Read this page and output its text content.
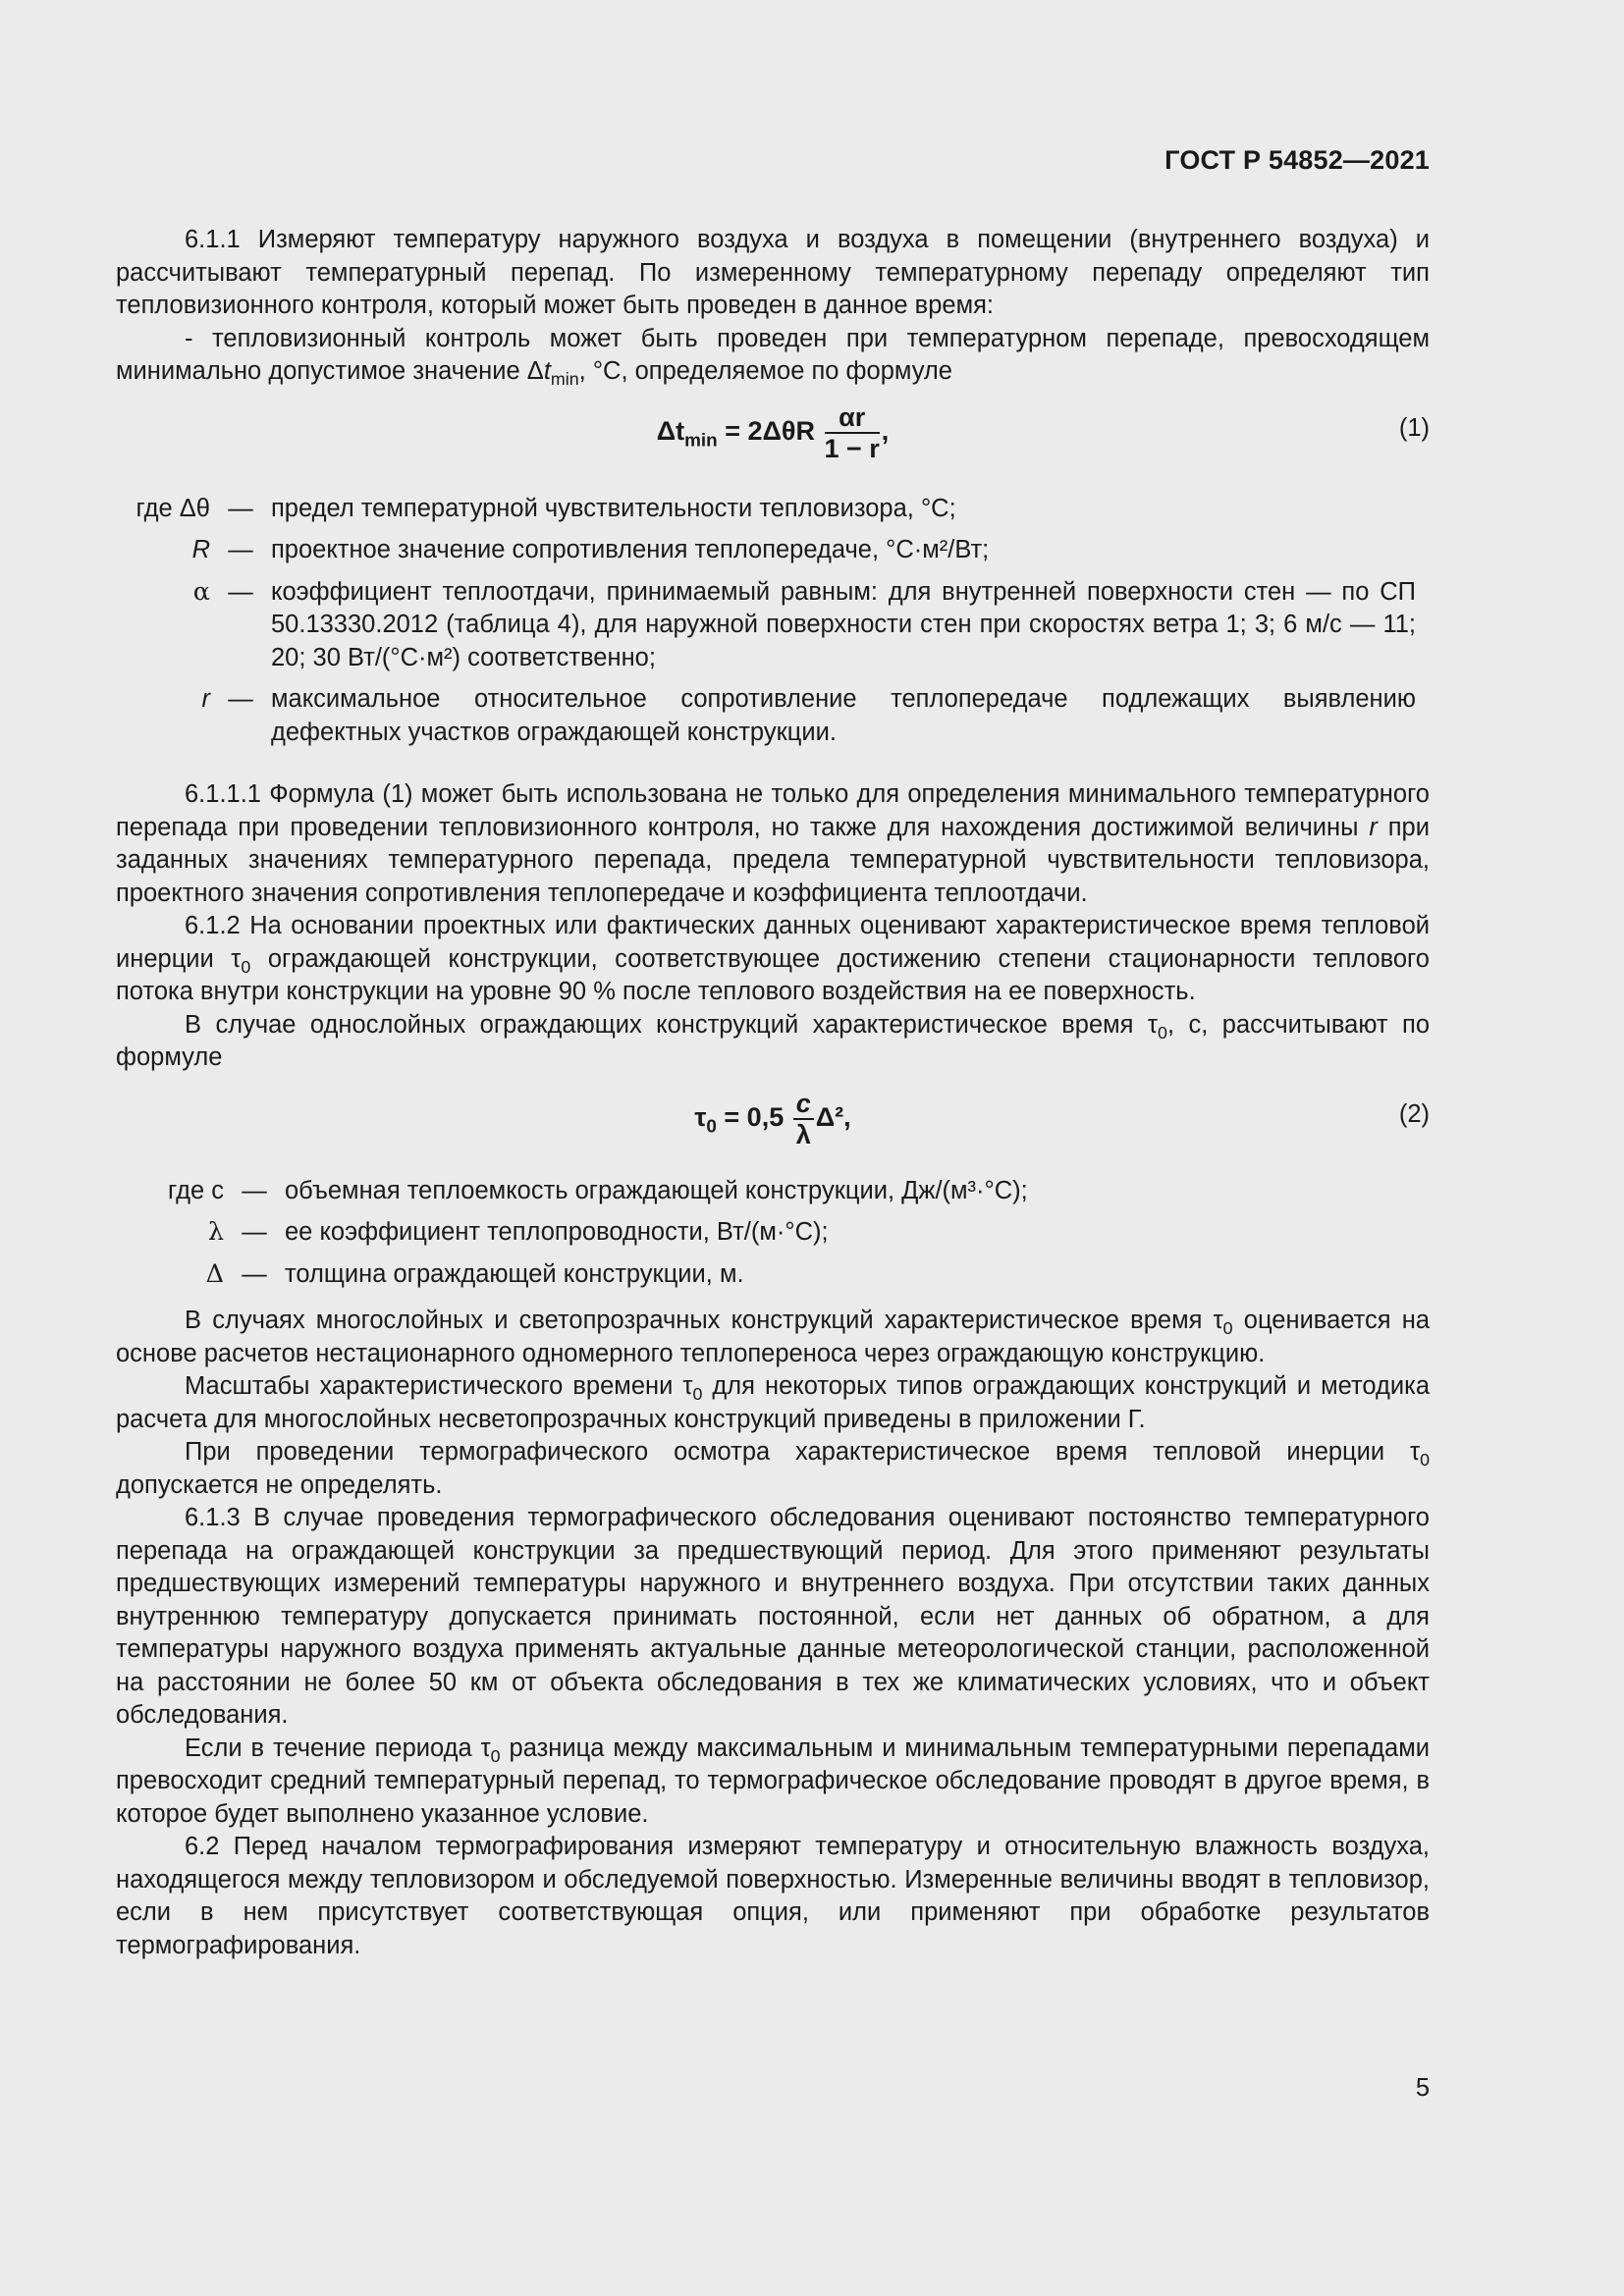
ГОСТ Р 54852—2021

6.1.1 Измеряют температуру наружного воздуха и воздуха в помещении (внутреннего воздуха) и рассчитывают температурный перепад. По измеренному температурному перепаду определяют тип тепловизионного контроля, который может быть проведен в данное время:

- тепловизионный контроль может быть проведен при температурном перепаде, превосходящем минимально допустимое значение $\Delta t_{min}$, °C, определяемое по формуле

$\Delta t_{min} = 2\Delta\theta R \frac{\alpha r}{1 - r}$ ,	(1)
где Δθ — предел температурной чувствительности тепловизора, °C;
R — проектное значение сопротивления теплопередаче, °C·м²/Вт;
α — коэффициент теплоотдачи, принимаемый равным: для внутренней поверхности стен — по СП 50.13330.2012 (таблица 4), для наружной поверхности стен при скоростях ветра 1; 3; 6 м/с — 11; 20; 30 Вт/(°C·м²) соответственно;
r — максимальное относительное сопротивление теплопередаче подлежащих выявлению дефектных участков ограждающей конструкции.

6.1.1.1 Формула (1) может быть использована не только для определения минимального температурного перепада при проведении тепловизионного контроля, но также для нахождения достижимой величины r при заданных значениях температурного перепада, предела температурной чувствительности тепловизора, проектного значения сопротивления теплопередаче и коэффициента теплоотдачи.

6.1.2 На основании проектных или фактических данных оценивают характеристическое время тепловой инерции $\tau_0$ ограждающей конструкции, соответствующее достижению степени стационарности теплового потока внутри конструкции на уровне 90 % после теплового воздействия на ее поверхность.

В случае однослойных ограждающих конструкций характеристическое время $\tau_0$, с, рассчитывают по формуле

$\tau_0 = 0,5 \frac{c}{\lambda} \Delta^2$,	(2)
где c — объемная теплоемкость ограждающей конструкции, Дж/(м³·°C);
λ — ее коэффициент теплопроводности, Вт/(м·°C);
Δ — толщина ограждающей конструкции, м.

В случаях многослойных и светопрозрачных конструкций характеристическое время $\tau_0$ оценивается на основе расчетов нестационарного одномерного теплопереноса через ограждающую конструкцию.

Масштабы характеристического времени $\tau_0$ для некоторых типов ограждающих конструкций и методика расчета для многослойных несветопрозрачных конструкций приведены в приложении Г.

При проведении термографического осмотра характеристическое время тепловой инерции $\tau_0$ допускается не определять.

6.1.3 В случае проведения термографического обследования оценивают постоянство температурного перепада на ограждающей конструкции за предшествующий период. Для этого применяют результаты предшествующих измерений температуры наружного и внутреннего воздуха. При отсутствии таких данных внутреннюю температуру допускается принимать постоянной, если нет данных об обратном, а для температуры наружного воздуха применять актуальные данные метеорологической станции, расположенной на расстоянии не более 50 км от объекта обследования в тех же климатических условиях, что и объект обследования.

Если в течение периода $\tau_0$ разница между максимальным и минимальным температурными перепадами превосходит средний температурный перепад, то термографическое обследование проводят в другое время, в которое будет выполнено указанное условие.

6.2 Перед началом термографирования измеряют температуру и относительную влажность воздуха, находящегося между тепловизором и обследуемой поверхностью. Измеренные величины вводят в тепловизор, если в нем присутствует соответствующая опция, или применяют при обработке результатов термографирования.

5
